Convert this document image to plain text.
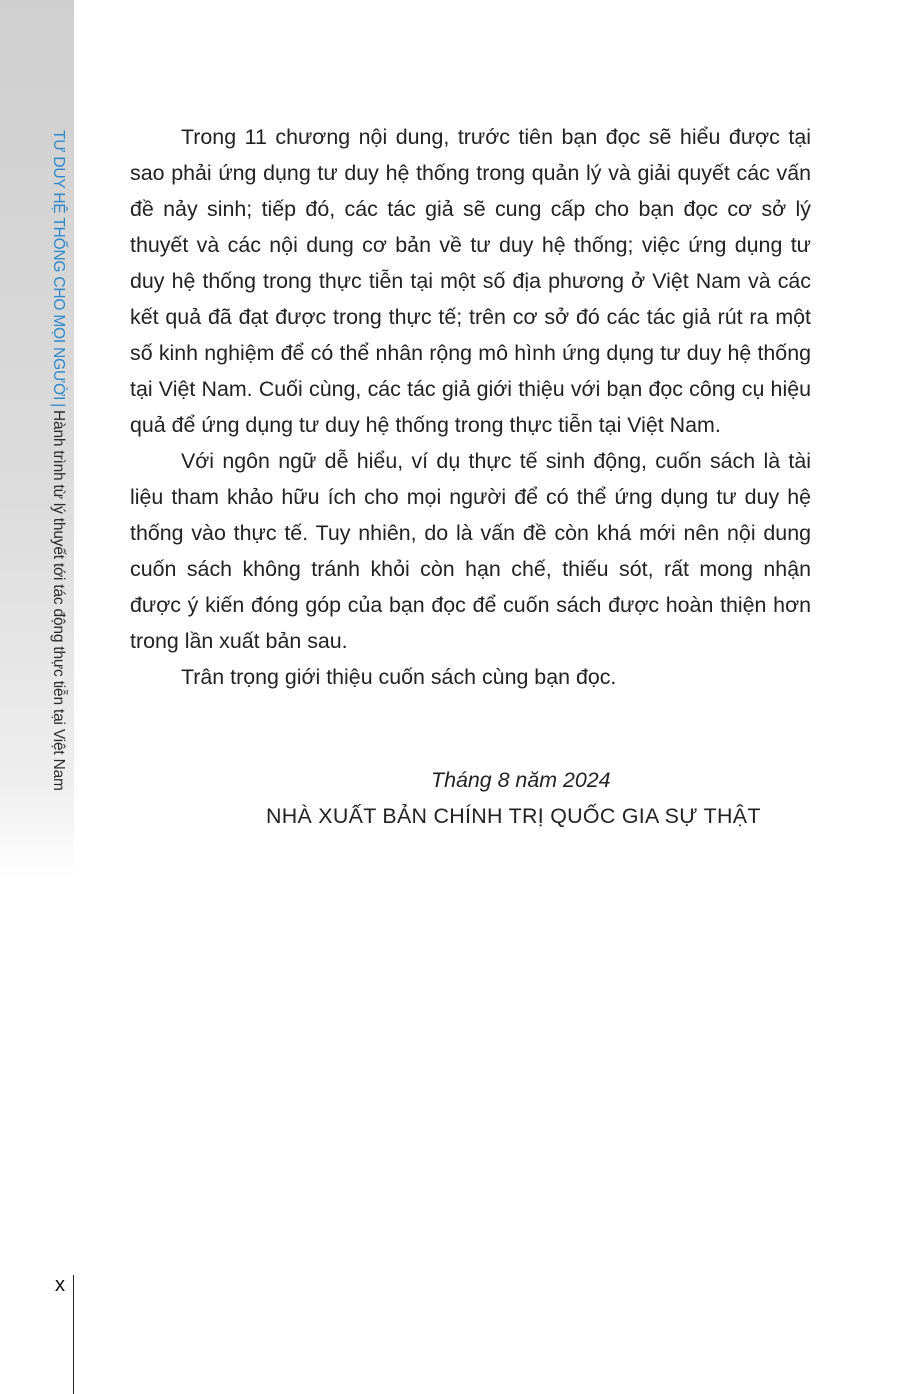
TƯ DUY HỆ THỐNG CHO MỌI NGƯỜI|Hành trình từ lý thuyết tới tác động thực tiễn tại Việt Nam

Trong 11 chương nội dung, trước tiên bạn đọc sẽ hiểu được tại sao phải ứng dụng tư duy hệ thống trong quản lý và giải quyết các vấn đề nảy sinh; tiếp đó, các tác giả sẽ cung cấp cho bạn đọc cơ sở lý thuyết và các nội dung cơ bản về tư duy hệ thống; việc ứng dụng tư duy hệ thống trong thực tiễn tại một số địa phương ở Việt Nam và các kết quả đã đạt được trong thực tế; trên cơ sở đó các tác giả rút ra một số kinh nghiệm để có thể nhân rộng mô hình ứng dụng tư duy hệ thống tại Việt Nam. Cuối cùng, các tác giả giới thiệu với bạn đọc công cụ hiệu quả để ứng dụng tư duy hệ thống trong thực tiễn tại Việt Nam.

Với ngôn ngữ dễ hiểu, ví dụ thực tế sinh động, cuốn sách là tài liệu tham khảo hữu ích cho mọi người để có thể ứng dụng tư duy hệ thống vào thực tế. Tuy nhiên, do là vấn đề còn khá mới nên nội dung cuốn sách không tránh khỏi còn hạn chế, thiếu sót, rất mong nhận được ý kiến đóng góp của bạn đọc để cuốn sách được hoàn thiện hơn trong lần xuất bản sau.

Trân trọng giới thiệu cuốn sách cùng bạn đọc.

Tháng 8 năm 2024
NHÀ XUẤT BẢN CHÍNH TRỊ QUỐC GIA SỰ THẬT
x
